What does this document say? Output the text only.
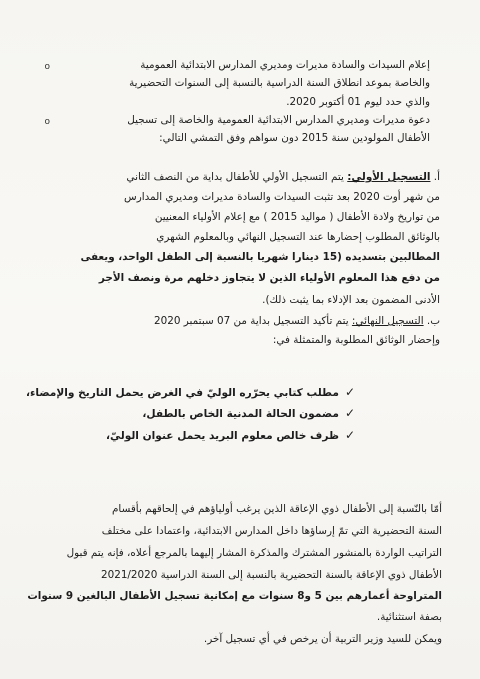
o	إعلام السيدات والسادة مديرات ومديري المدارس الابتدائية العمومية
والخاصة بموعد انطلاق السنة الدراسية بالنسبة إلى السنوات التحضيرية
والذي حدد ليوم 01 أكتوبر 2020.
o	دعوة مديرات ومديري المدارس الابتدائية العمومية والخاصة إلى تسجيل
الأطفال المولودين سنة 2015 دون سواهم وفق التمشي التالي:
أ. التسجيل الأولي: يتم التسجيل الأولي للأطفال بداية من النصف الثاني
من شهر أوت 2020 بعد تثبت السيدات والسادة مديرات ومديري المدارس
من تواريخ ولادة الأطفال ( مواليد 2015 ) مع إعلام الأولياء المعنيين
بالوثائق المطلوب إحضارها عند التسجيل النهائي وبالمعلوم الشهري
المطالبين بتسديده (15 دينارا شهريا بالنسبة إلى الطفل الواحد، ويعفى
من دفع هذا المعلوم الأولياء الذين لا يتجاوز دخلهم مرة ونصف الأجر
الأدنى المضمون بعد الإدلاء بما يثبت ذلك).
ب. التسجيل النهائي: يتم تأكيد التسجيل بداية من 07 سبتمبر 2020
وإحضار الوثائق المطلوبة والمتمثلة في:
✓مطلب كتابي يحرّره الوليّ في الغرض يحمل التاريخ والإمضاء،
✓مضمون الحالة المدنية الخاص بالطفل،
✓ظرف خالص معلوم البريد يحمل عنوان الوليّ،
أمّا بالنّسبة إلى الأطفال ذوي الإعاقة الذين يرغب أولياؤهم في إلحاقهم بأقسام
السنة التحضيرية التي تمّ إرساؤها داخل المدارس الابتدائية، واعتمادا على مختلف
التراتيب الواردة بالمنشور المشترك والمذكرة المشار إليهما بالمرجع أعلاه، فإنه يتم قبول
الأطفال ذوي الإعاقة بالسنة التحضيرية بالنسبة إلى السنة الدراسية 2021/2020
المتراوحة أعمارهم بين 5 و8 سنوات مع إمكانية تسجيل الأطفال البالغين 9 سنوات
بصفة استثنائية.
ويمكن للسيد وزير التربية أن يرخص في أي تسجيل آخر.
